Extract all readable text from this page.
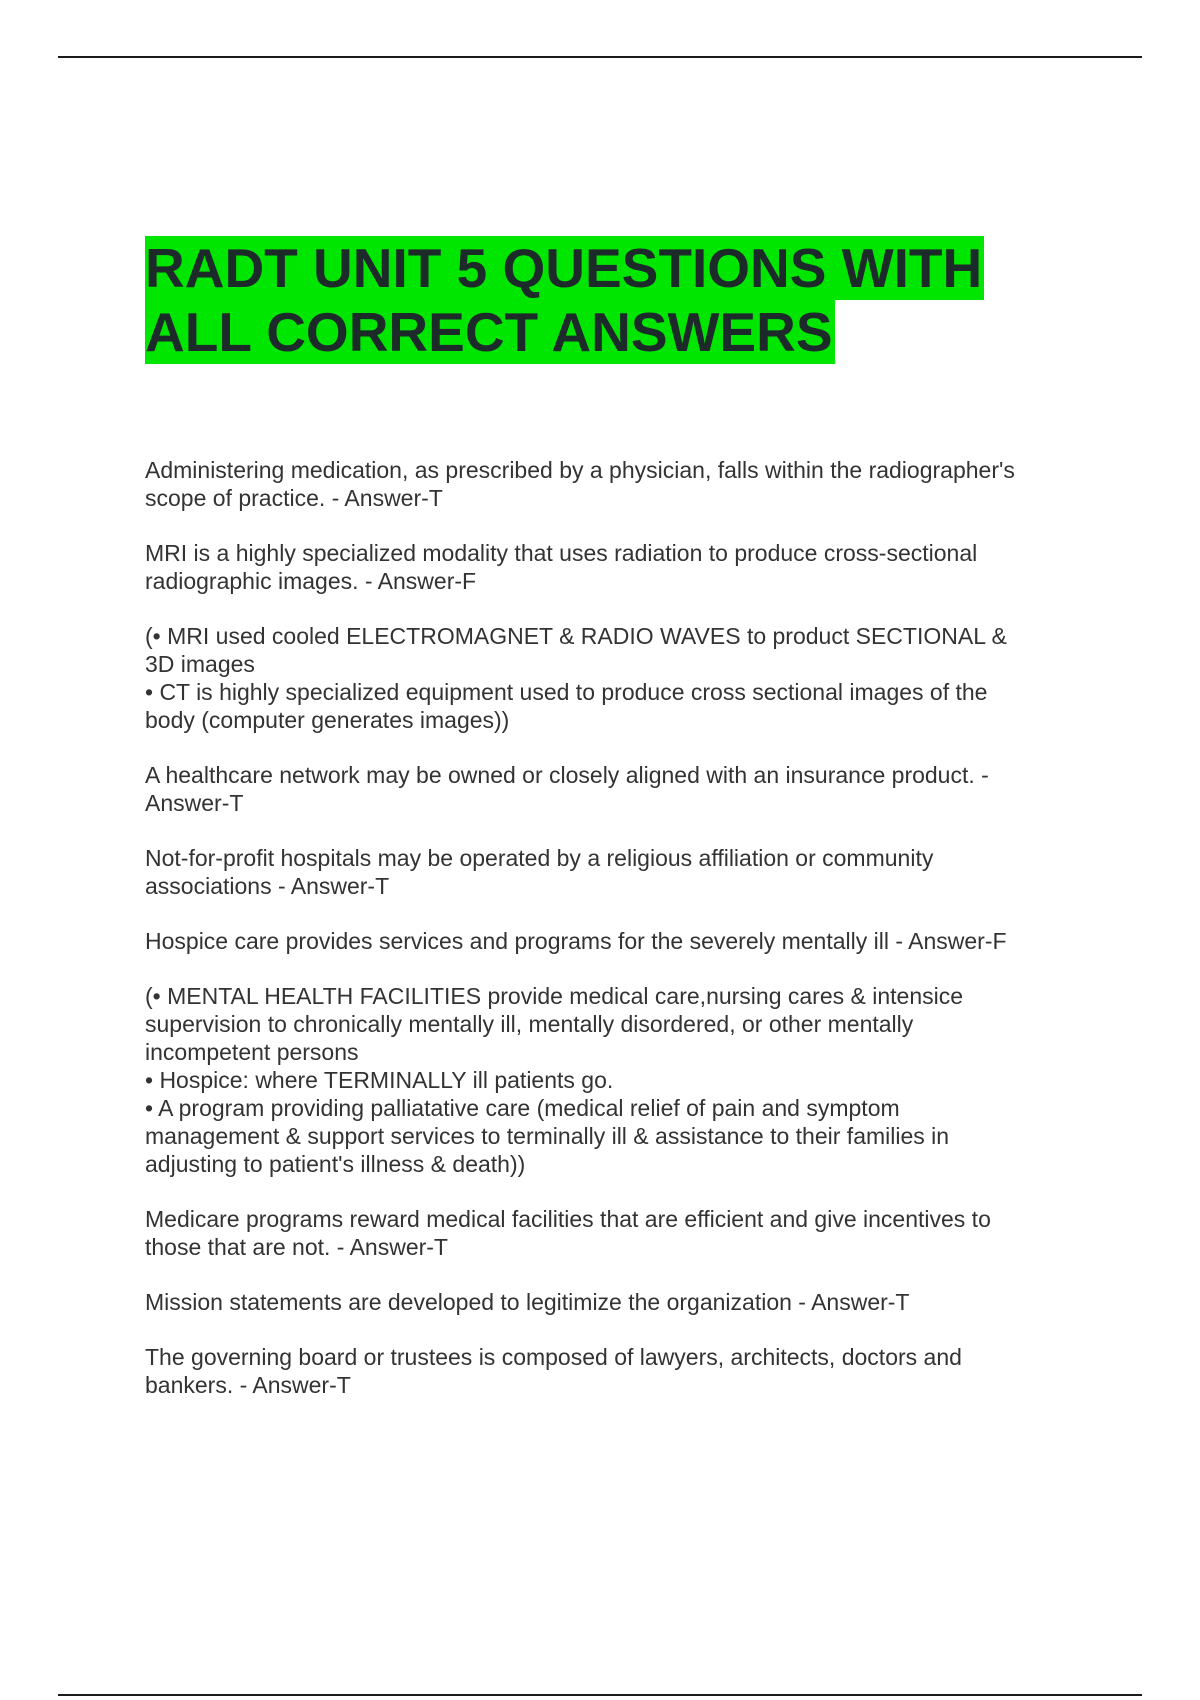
RADT UNIT 5 QUESTIONS WITH
ALL CORRECT ANSWERS
Administering medication, as prescribed by a physician, falls within the radiographer's
scope of practice. - Answer-T
MRI is a highly specialized modality that uses radiation to produce cross-sectional
radiographic images. - Answer-F
(• MRI used cooled ELECTROMAGNET & RADIO WAVES to product SECTIONAL &
3D images
• CT is highly specialized equipment used to produce cross sectional images of the
body (computer generates images))
A healthcare network may be owned or closely aligned with an insurance product. -
Answer-T
Not-for-profit hospitals may be operated by a religious affiliation or community
associations - Answer-T
Hospice care provides services and programs for the severely mentally ill - Answer-F
(• MENTAL HEALTH FACILITIES provide medical care,nursing cares & intensice
supervision to chronically mentally ill, mentally disordered, or other mentally
incompetent persons
• Hospice: where TERMINALLY ill patients go.
• A program providing palliatative care (medical relief of pain and symptom
management & support services to terminally ill & assistance to their families in
adjusting to patient's illness & death))
Medicare programs reward medical facilities that are efficient and give incentives to
those that are not. - Answer-T
Mission statements are developed to legitimize the organization - Answer-T
The governing board or trustees is composed of lawyers, architects, doctors and
bankers. - Answer-T
